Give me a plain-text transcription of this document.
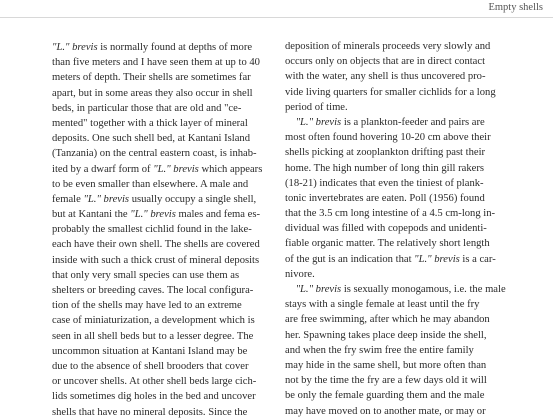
Empty shells
"L." brevis is normally found at depths of more
than five meters and I have seen them at up to 40
meters of depth. Their shells are sometimes far
apart, but in some areas they also occur in shell
beds, in particular those that are old and "ce-
mented" together with a thick layer of mineral
deposits. One such shell bed, at Kantani Island
(Tanzania) on the central eastern coast, is inhab-
ited by a dwarf form of "L." brevis which appears
to be even smaller than elsewhere. A male and
female "L." brevis usually occupy a single shell,
but at Kantani the "L." brevis males and fema es-
probably the smallest cichlid found in the lake-
each have their own shell. The shells are covered
inside with such a thick crust of mineral deposits
that only very small species can use them as
shelters or breeding caves. The local configura-
tion of the shells may have led to an extreme
case of miniaturization, a development which is
seen in all shell beds but to a lesser degree. The
uncommon situation at Kantani Island may be
due to the absence of shell brooders that cover
or uncover shells. At other shell beds large cich-
lids sometimes dig holes in the bed and uncover
shells that have no mineral deposits. Since the
deposition of minerals proceeds very slowly and
occurs only on objects that are in direct contact
with the water, any shell is thus uncovered pro-
vide living quarters for smaller cichlids for a long
period of time.
"L." brevis is a plankton-feeder and pairs are
most often found hovering 10-20 cm above their
shells picking at zooplankton drifting past their
home. The high number of long thin gill rakers
(18-21) indicates that even the tiniest of plank-
tonic invertebrates are eaten. Poll (1956) found
that the 3.5 cm long intestine of a 4.5 cm-long in-
dividual was filled with copepods and unidenti-
fiable organic matter. The relatively short length
of the gut is an indication that "L." brevis is a car-
nivore.
"L." brevis is sexually monogamous, i.e. the male
stays with a single female at least until the fry
are free swimming, after which he may abandon
her. Spawning takes place deep inside the shell,
and when the fry swim free the entire family
may hide in the same shell, but more often than
not by the time the fry are a few days old it will
be only the female guarding them and the male
may have moved on to another mate, or may or
